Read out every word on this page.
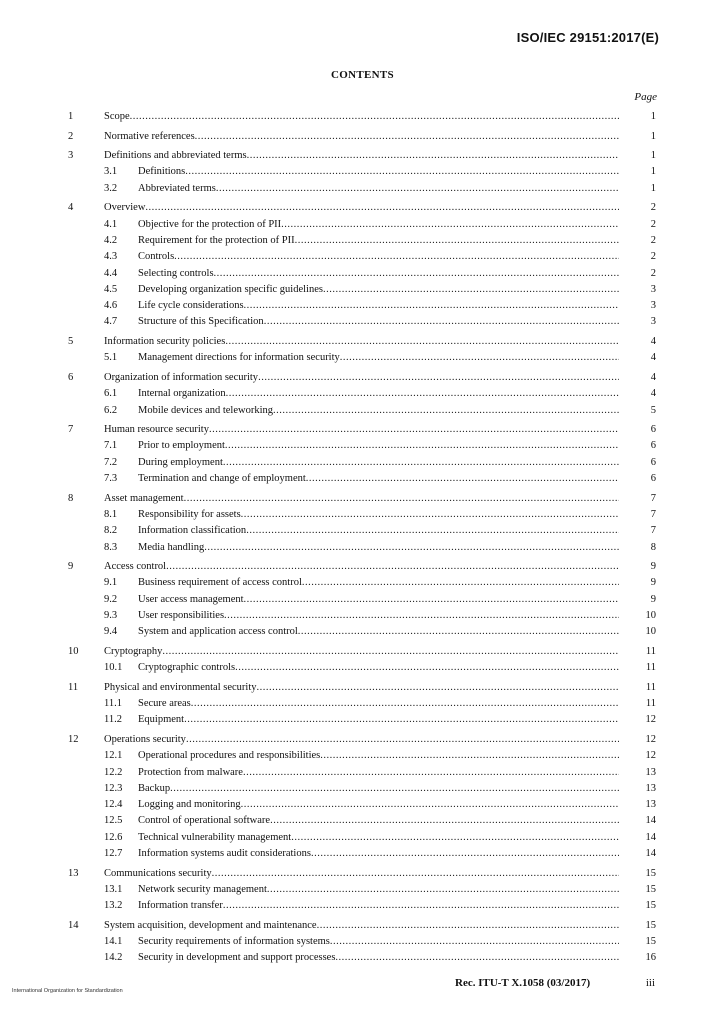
ISO/IEC 29151:2017(E)
CONTENTS
Page
1	Scope .....	1
2	Normative references .....	1
3	Definitions and abbreviated terms .....	1
3.1 Definitions .....	1
3.2 Abbreviated terms .....	1
4	Overview .....	2
4.1 Objective for the protection of PII .....	2
4.2 Requirement for the protection of PII .....	2
4.3 Controls .....	2
4.4 Selecting controls .....	2
4.5 Developing organization specific guidelines .....	3
4.6 Life cycle considerations .....	3
4.7 Structure of this Specification .....	3
5	Information security policies .....	4
5.1 Management directions for information security .....	4
6	Organization of information security .....	4
6.1 Internal organization .....	4
6.2 Mobile devices and teleworking .....	5
7	Human resource security .....	6
7.1 Prior to employment .....	6
7.2 During employment .....	6
7.3 Termination and change of employment .....	6
8	Asset management .....	7
8.1 Responsibility for assets .....	7
8.2 Information classification .....	7
8.3 Media handling .....	8
9	Access control .....	9
9.1 Business requirement of access control .....	9
9.2 User access management .....	9
9.3 User responsibilities .....	10
9.4 System and application access control .....	10
10 Cryptography .....	11
10.1 Cryptographic controls .....	11
11 Physical and environmental security .....	11
11.1 Secure areas .....	11
11.2 Equipment .....	12
12 Operations security .....	12
12.1 Operational procedures and responsibilities .....	12
12.2 Protection from malware .....	13
12.3 Backup .....	13
12.4 Logging and monitoring .....	13
12.5 Control of operational software .....	14
12.6 Technical vulnerability management .....	14
12.7 Information systems audit considerations .....	14
13 Communications security .....	15
13.1 Network security management .....	15
13.2 Information transfer .....	15
14 System acquisition, development and maintenance .....	15
14.1 Security requirements of information systems .....	15
14.2 Security in development and support processes .....	16
Rec. ITU-T X.1058 (03/2017)	iii
International Organization for Standardization
